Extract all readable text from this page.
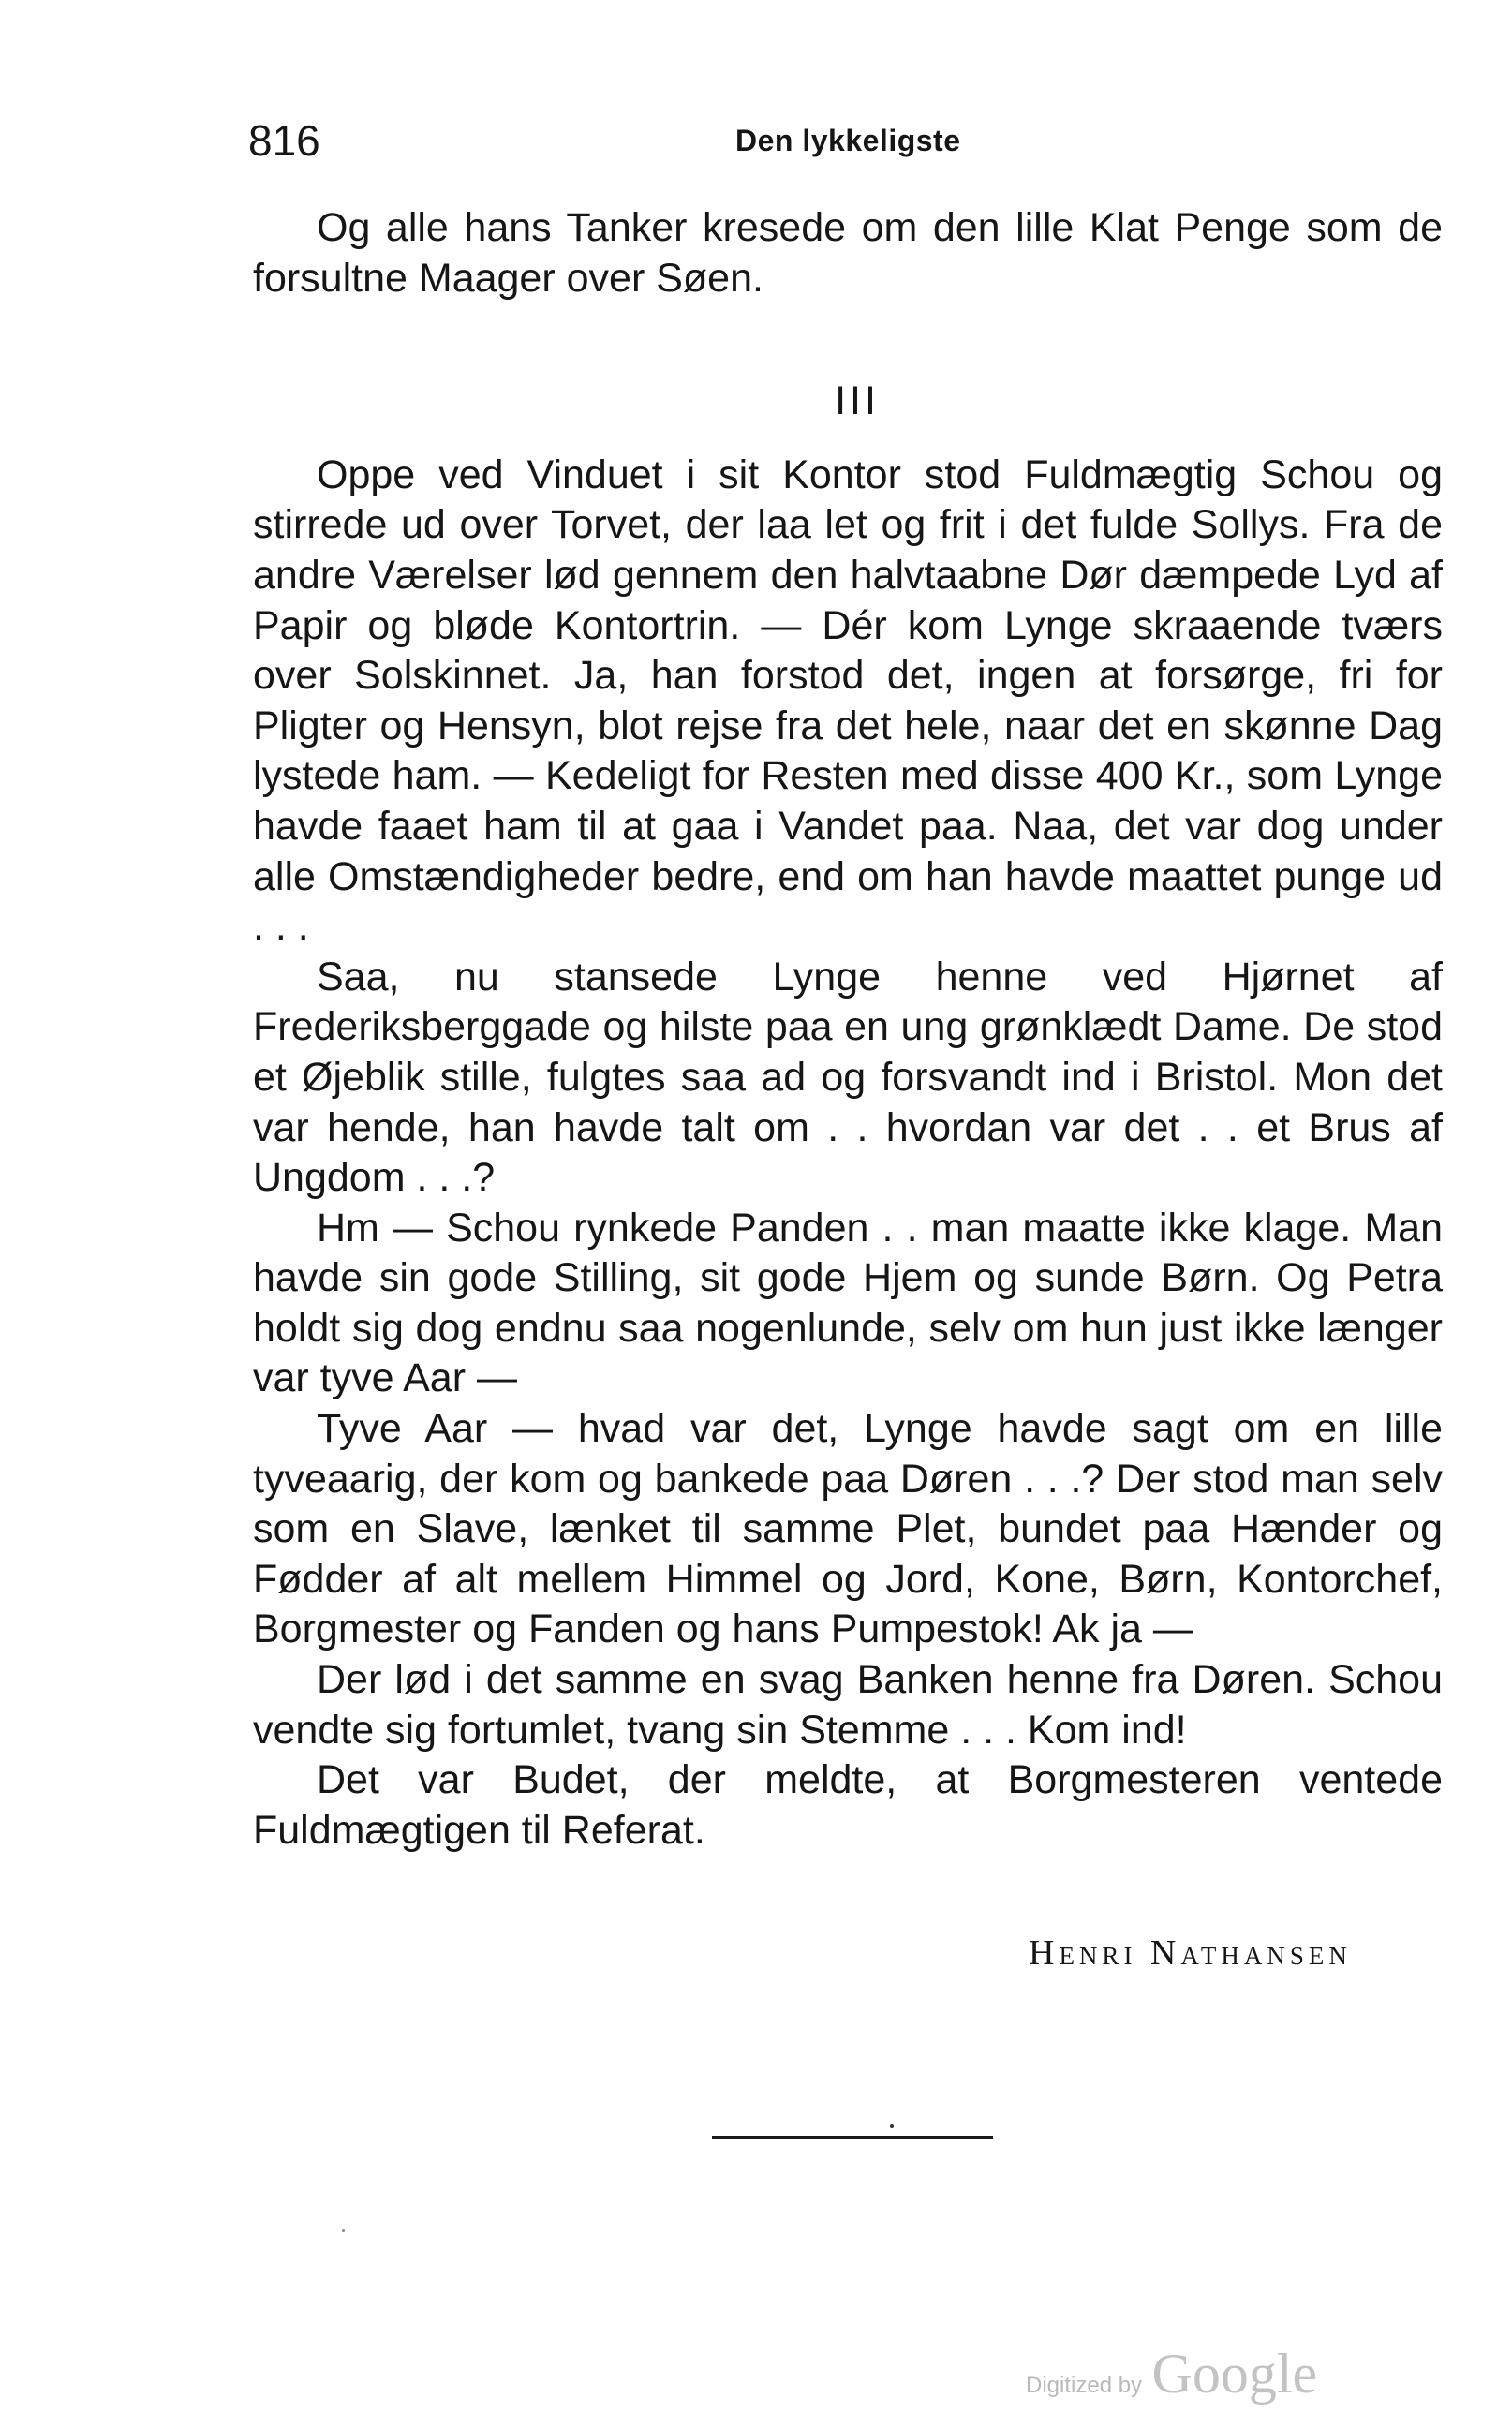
816	Den lykkeligste

Og alle hans Tanker kresede om den lille Klat Penge som de forsultne Maager over Søen.

III

Oppe ved Vinduet i sit Kontor stod Fuldmægtig Schou og stirrede ud over Torvet, der laa let og frit i det fulde Sollys. Fra de andre Værelser lød gennem den halvtaabne Dør dæmpede Lyd af Papir og bløde Kontortrin. — Dér kom Lynge skraaende tværs over Solskinnet. Ja, han forstod det, ingen at forsørge, fri for Pligter og Hensyn, blot rejse fra det hele, naar det en skønne Dag lystede ham. — Kedeligt for Resten med disse 400 Kr., som Lynge havde faaet ham til at gaa i Vandet paa. Naa, det var dog under alle Omstændigheder bedre, end om han havde maattet punge ud . . .

Saa, nu stansede Lynge henne ved Hjørnet af Frederiksberggade og hilste paa en ung grønklædt Dame. De stod et Øjeblik stille, fulgtes saa ad og forsvandt ind i Bristol. Mon det var hende, han havde talt om . . hvordan var det . . et Brus af Ungdom . . .?

Hm — Schou rynkede Panden . . man maatte ikke klage. Man havde sin gode Stilling, sit gode Hjem og sunde Børn. Og Petra holdt sig dog endnu saa nogenlunde, selv om hun just ikke længer var tyve Aar —

Tyve Aar — hvad var det, Lynge havde sagt om en lille tyveaarig, der kom og bankede paa Døren . . .? Der stod man selv som en Slave, lænket til samme Plet, bundet paa Hænder og Fødder af alt mellem Himmel og Jord, Kone, Børn, Kontorchef, Borgmester og Fanden og hans Pumpestok! Ak ja —

Der lød i det samme en svag Banken henne fra Døren. Schou vendte sig fortumlet, tvang sin Stemme . . . Kom ind!

Det var Budet, der meldte, at Borgmesteren ventede Fuldmægtigen til Referat.

Henri Nathansen
Digitized by Google
